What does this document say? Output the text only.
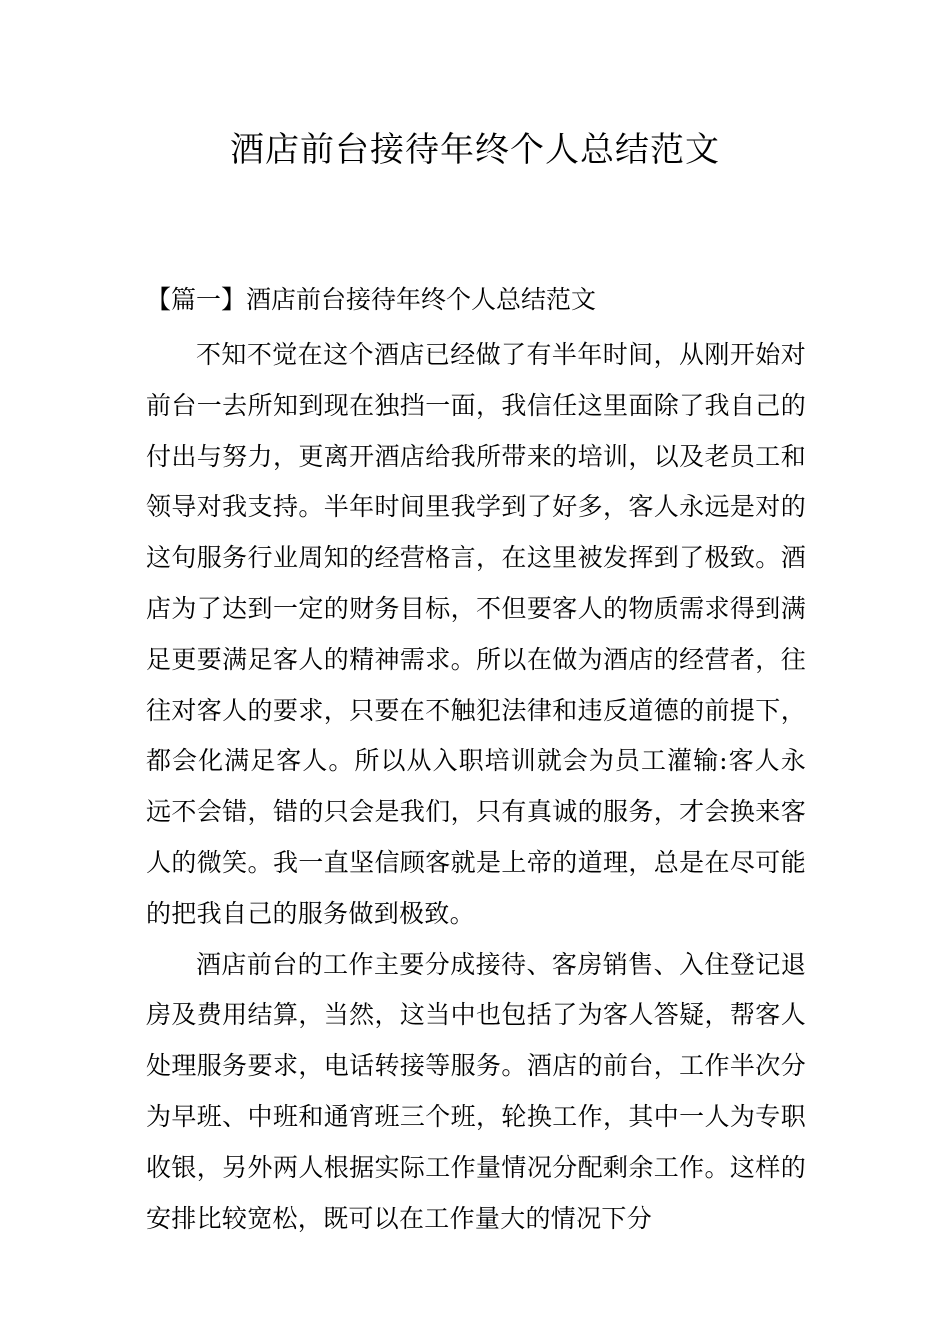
酒店前台接待年终个人总结范文

【篇一】酒店前台接待年终个人总结范文

不知不觉在这个酒店已经做了有半年时间，从刚开始对前台一去所知到现在独挡一面，我信任这里面除了我自己的付出与努力，更离开酒店给我所带来的培训，以及老员工和领导对我支持。半年时间里我学到了好多，客人永远是对的这句服务行业周知的经营格言，在这里被发挥到了极致。酒店为了达到一定的财务目标，不但要客人的物质需求得到满足更要满足客人的精神需求。所以在做为酒店的经营者，往往对客人的要求，只要在不触犯法律和违反道德的前提下，都会化满足客人。所以从入职培训就会为员工灌输:客人永远不会错，错的只会是我们，只有真诚的服务，才会换来客人的微笑。我一直坚信顾客就是上帝的道理，总是在尽可能的把我自己的服务做到极致。

酒店前台的工作主要分成接待、客房销售、入住登记退房及费用结算，当然，这当中也包括了为客人答疑，帮客人处理服务要求，电话转接等服务。酒店的前台，工作半次分为早班、中班和通宵班三个班，轮换工作，其中一人为专职收银，另外两人根据实际工作量情况分配剩余工作。这样的安排比较宽松，既可以在工作量大的情况下分
